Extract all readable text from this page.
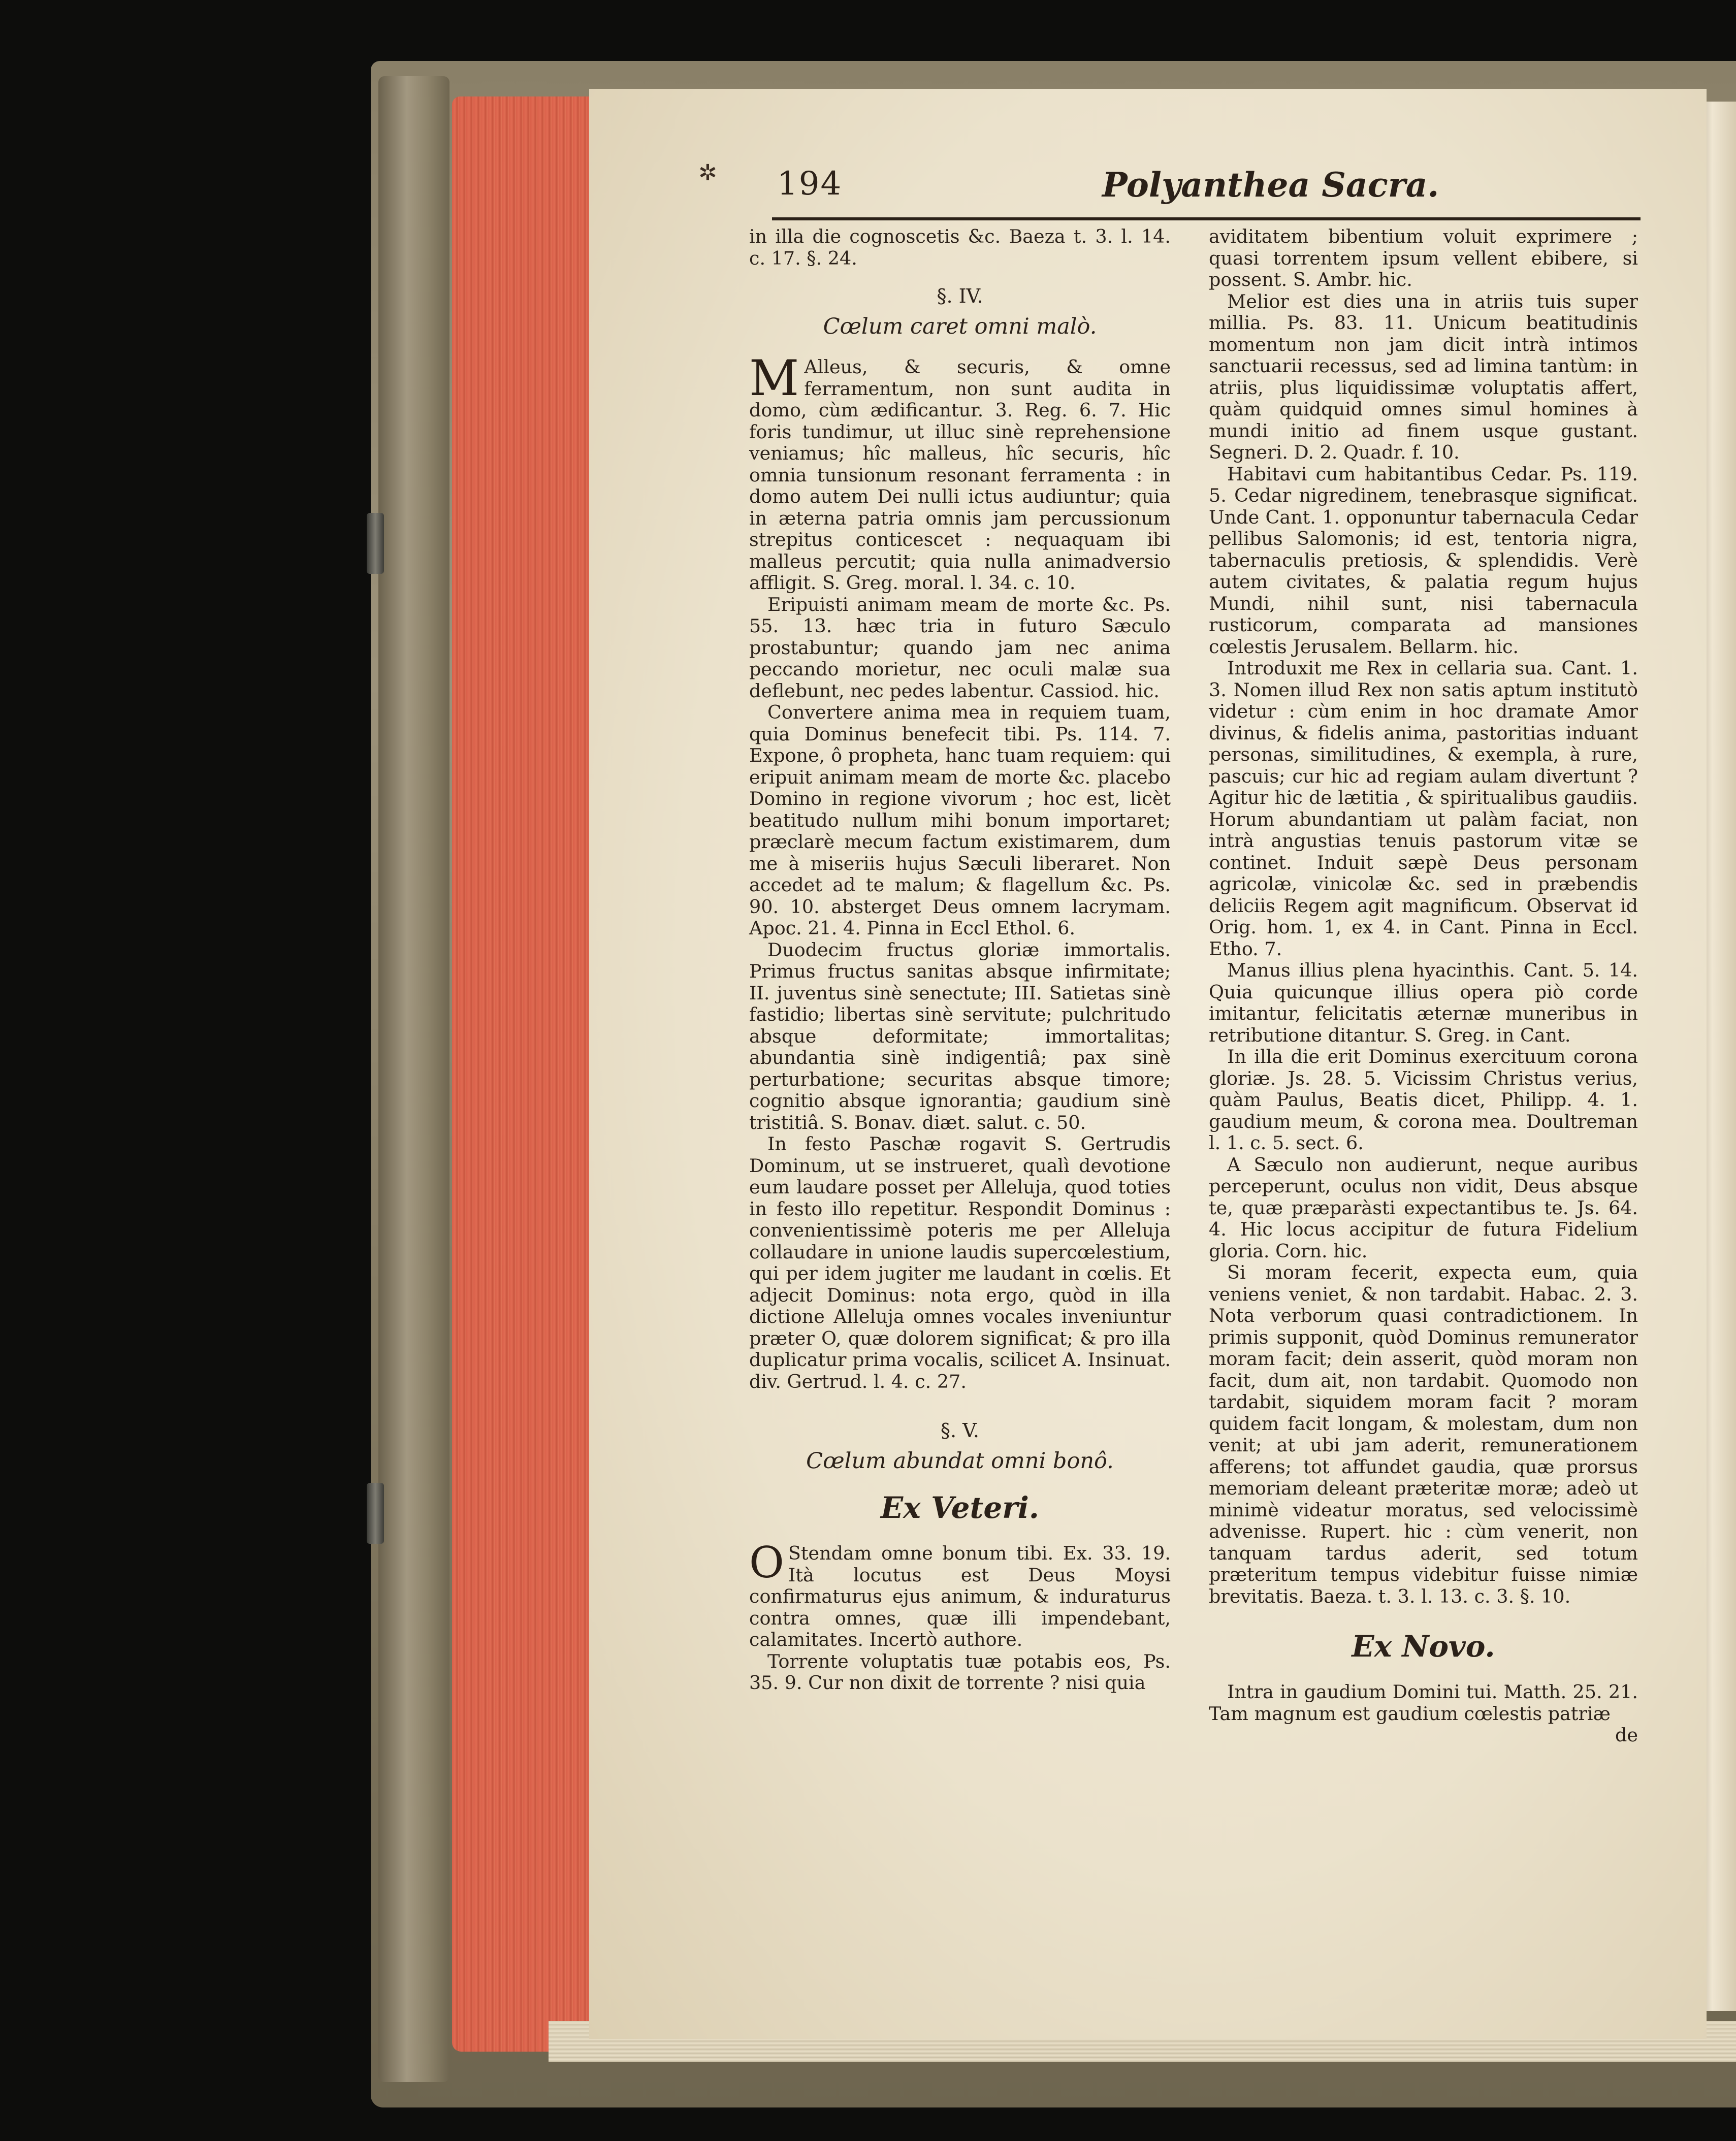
✲ 194	Polyanthea Sacra.

in illa die cognoscetis &c. Baeza t. 3. l. 14. c. 17. §. 24.

§. IV.
Cœlum caret omni malò.

M Alleus, & securis, & omne ferramentum, non sunt audita in domo, cùm ædificantur. 3. Reg. 6. 7. Hic foris tundimur, ut illuc sinè reprehensione veniamus; hîc malleus, hîc securis, hîc omnia tunsionum resonant ferramenta : in domo autem Dei nulli ictus audiuntur; quia in æterna patria omnis jam percussionum strepitus conticescet : nequaquam ibi malleus percutit; quia nulla animadversio affligit. S. Greg. moral. l. 34. c. 10.

Eripuisti animam meam de morte &c. Ps. 55. 13. hæc tria in futuro Sæculo prostabuntur; quando jam nec anima peccando morietur, nec oculi malæ sua deflebunt, nec pedes labentur. Cassiod. hic.

Convertere anima mea in requiem tuam, quia Dominus benefecit tibi. Ps. 114. 7. Expone, ô propheta, hanc tuam requiem: qui eripuit animam meam de morte &c. placebo Domino in regione vivorum ; hoc est, licèt beatitudo nullum mihi bonum importaret; præclarè mecum factum existimarem, dum me à miseriis hujus Sæculi liberaret. Non accedet ad te malum; & flagellum &c. Ps. 90. 10. absterget Deus omnem lacrymam. Apoc. 21. 4. Pinna in Eccl Ethol. 6.

Duodecim fructus gloriæ immortalis. Primus fructus sanitas absque infirmitate; II. juventus sinè senectute; III. Satietas sinè fastidio; libertas sinè servitute; pulchritudo absque deformitate; immortalitas; abundantia sinè indigentiâ; pax sinè perturbatione; securitas absque timore; cognitio absque ignorantia; gaudium sinè tristitiâ. S. Bonav. diæt. salut. c. 50.

In festo Paschæ rogavit S. Gertrudis Dominum, ut se instrueret, qualì devotione eum laudare posset per Alleluja, quod toties in festo illo repetitur. Respondit Dominus : convenientissimè poteris me per Alleluja collaudare in unione laudis supercœlestium, qui per idem jugiter me laudant in cœlis. Et adjecit Dominus: nota ergo, quòd in illa dictione Alleluja omnes vocales inveniuntur præter O, quæ dolorem significat; & pro illa duplicatur prima vocalis, scilicet A. Insinuat. div. Gertrud. l. 4. c. 27.

§. V.
Cœlum abundat omni bonô.
Ex Veteri.

O Stendam omne bonum tibi. Ex. 33. 19. Ità locutus est Deus Moysi confirmaturus ejus animum, & induraturus contra omnes, quæ illi impendebant, calamitates. Incertò authore.

Torrente voluptatis tuæ potabis eos, Ps. 35. 9. Cur non dixit de torrente ? nisi quia

aviditatem bibentium voluit exprimere ; quasi torrentem ipsum vellent ebibere, si possent. S. Ambr. hic.

Melior est dies una in atriis tuis super millia. Ps. 83. 11. Unicum beatitudinis momentum non jam dicit intrà intimos sanctuarii recessus, sed ad limina tantùm: in atriis, plus liquidissimæ voluptatis affert, quàm quidquid omnes simul homines à mundi initio ad finem usque gustant. Segneri. D. 2. Quadr. f. 10.

Habitavi cum habitantibus Cedar. Ps. 119. 5. Cedar nigredinem, tenebrasque significat. Unde Cant. 1. opponuntur tabernacula Cedar pellibus Salomonis; id est, tentoria nigra, tabernaculis pretiosis, & splendidis. Verè autem civitates, & palatia regum hujus Mundi, nihil sunt, nisi tabernacula rusticorum, comparata ad mansiones cœlestis Jerusalem. Bellarm. hic.

Introduxit me Rex in cellaria sua. Cant. 1. 3. Nomen illud Rex non satis aptum institutò videtur : cùm enim in hoc dramate Amor divinus, & fidelis anima, pastoritias induant personas, similitudines, & exempla, à rure, pascuis; cur hic ad regiam aulam divertunt ? Agitur hic de lætitia , & spiritualibus gaudiis. Horum abundantiam ut palàm faciat, non intrà angustias tenuis pastorum vitæ se continet. Induit sæpè Deus personam agricolæ, vinicolæ &c. sed in præbendis deliciis Regem agit magnificum. Observat id Orig. hom. 1, ex 4. in Cant. Pinna in Eccl. Etho. 7.

Manus illius plena hyacinthis. Cant. 5. 14. Quia quicunque illius opera piò corde imitantur, felicitatis æternæ muneribus in retributione ditantur. S. Greg. in Cant.

In illa die erit Dominus exercituum corona gloriæ. Js. 28. 5. Vicissim Christus verius, quàm Paulus, Beatis dicet, Philipp. 4. 1. gaudium meum, & corona mea. Doultreman l. 1. c. 5. sect. 6.

A Sæculo non audierunt, neque auribus perceperunt, oculus non vidit, Deus absque te, quæ præparàsti expectantibus te. Js. 64. 4. Hic locus accipitur de futura Fidelium gloria. Corn. hic.

Si moram fecerit, expecta eum, quia veniens veniet, & non tardabit. Habac. 2. 3. Nota verborum quasi contradictionem. In primis supponit, quòd Dominus remunerator moram facit; dein asserit, quòd moram non facit, dum ait, non tardabit. Quomodo non tardabit, siquidem moram facit ? moram quidem facit longam, & molestam, dum non venit; at ubi jam aderit, remunerationem afferens; tot affundet gaudia, quæ prorsus memoriam deleant præteritæ moræ; adeò ut minimè videatur moratus, sed velocissimè advenisse. Rupert. hic : cùm venerit, non tanquam tardus aderit, sed totum præteritum tempus videbitur fuisse nimiæ brevitatis. Baeza. t. 3. l. 13. c. 3. §. 10.

Ex Novo.

Intra in gaudium Domini tui. Matth. 25. 21. Tam magnum est gaudium cœlestis patriæ

de
